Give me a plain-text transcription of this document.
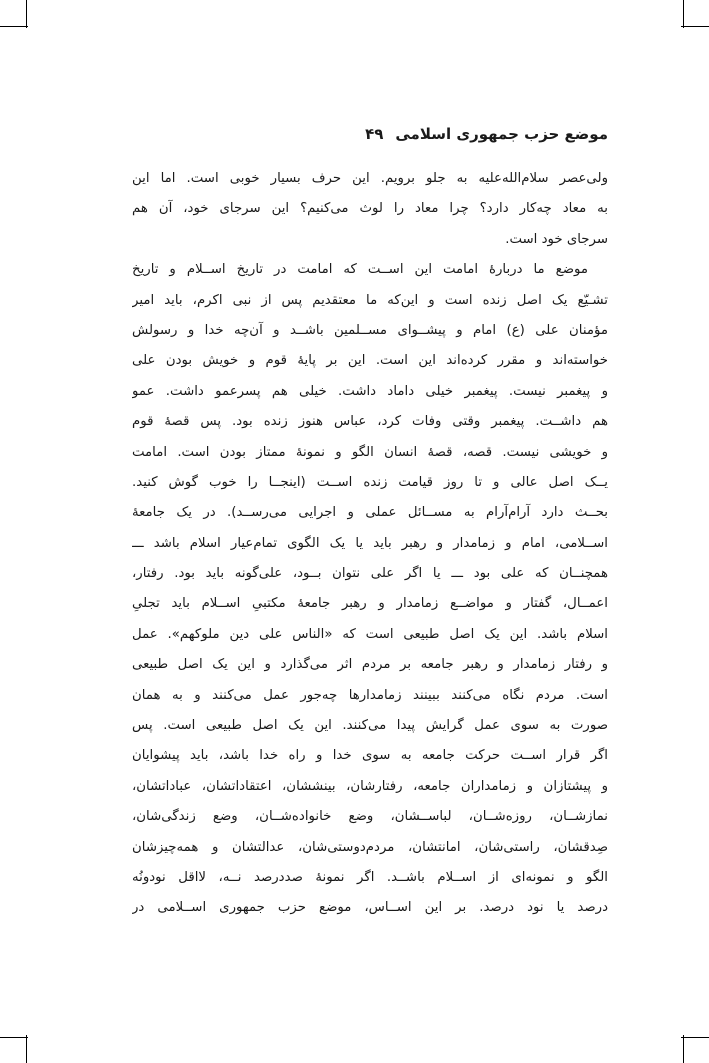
موضع حزب جمهوری اسلامی
۴۹
ولی‌عصر سلام‌الله‌علیه به جلو برویم. این حرف بسیار خوبی است. اما این
به معاد چه‌کار دارد؟ چرا معاد را لوث می‌کنیم؟ این سرجای خود، آن هم
سرجای خود است.
موضع ما دربارهٔ امامت این اســت که امامت در تاریخ اســلام و تاریخ
تشـیّع یک اصل زنده است و این‌که ما معتقدیم پس از نبی اکرم، باید امیر
مؤمنان علی (ع) امام و پیشــوای مســلمین باشــد و آن‌چه خدا و رسولش
خواسته‌اند و مقرر کرده‌اند این است. این بر پایهٔ قوم و خویش بودن علی
و پیغمبر نیست. پیغمبر خیلی داماد داشت. خیلی هم پسرعمو داشت. عمو
هم داشــت. پیغمبر وقتی وفات کرد، عباس هنوز زنده بود. پس قصهٔ قوم
و خویشی نیست. قصه، قصهٔ انسان الگو و نمونهٔ ممتاز بودن است. امامت
یــک اصل عالی و تا روز قیامت زنده اســت (اینجــا را خوب گوش کنید.
بحــث دارد آرام‌آرام به مســائل عملی و اجرایی می‌رســد). در یک جامعهٔ
اســلامی، امام و زمامدار و رهبر باید یا یک الگوی تمام‌عیار اسلام باشد ـــ
همچنــان که علی بود ـــ یا اگر علی نتوان بــود، علی‌گونه باید بود. رفتار،
اعمــال، گفتار و مواضــع زمامدار و رهبر جامعهٔ مکتبیِ اســلام باید تجلیِ
اسلام باشد. این یک اصل طبیعی است که «الناس علی دین ملوکهم». عمل
و رفتار زمامدار و رهبر جامعه بر مردم اثر می‌گذارد و این یک اصل طبیعی
است. مردم نگاه می‌کنند ببینند زمامدارها چه‌جور عمل می‌کنند و به همان
صورت به سوی عمل گرایش پیدا می‌کنند. این یک اصل طبیعی است. پس
اگر قرار اســت حرکت جامعه به سوی خدا و راه خدا باشد، باید پیشوایان
و پیشتازان و زمامداران جامعه، رفتارشان، بینششان، اعتقاداتشان، عباداتشان،
نمازشــان، روزه‌شــان، لباســشان، وضع خانواده‌شــان، وضع زندگی‌شان،
صِدقشان، راستی‌شان، امانتشان، مردم‌دوستی‌شان، عدالتشان و همه‌چیزشان
الگو و نمونه‌ای از اســلام باشــد. اگر نمونهٔ صددرصد نــه، لااقل نودونُه
درصد یا نود درصد. بر این اســاس، موضع حزب جمهوری اســلامی در
